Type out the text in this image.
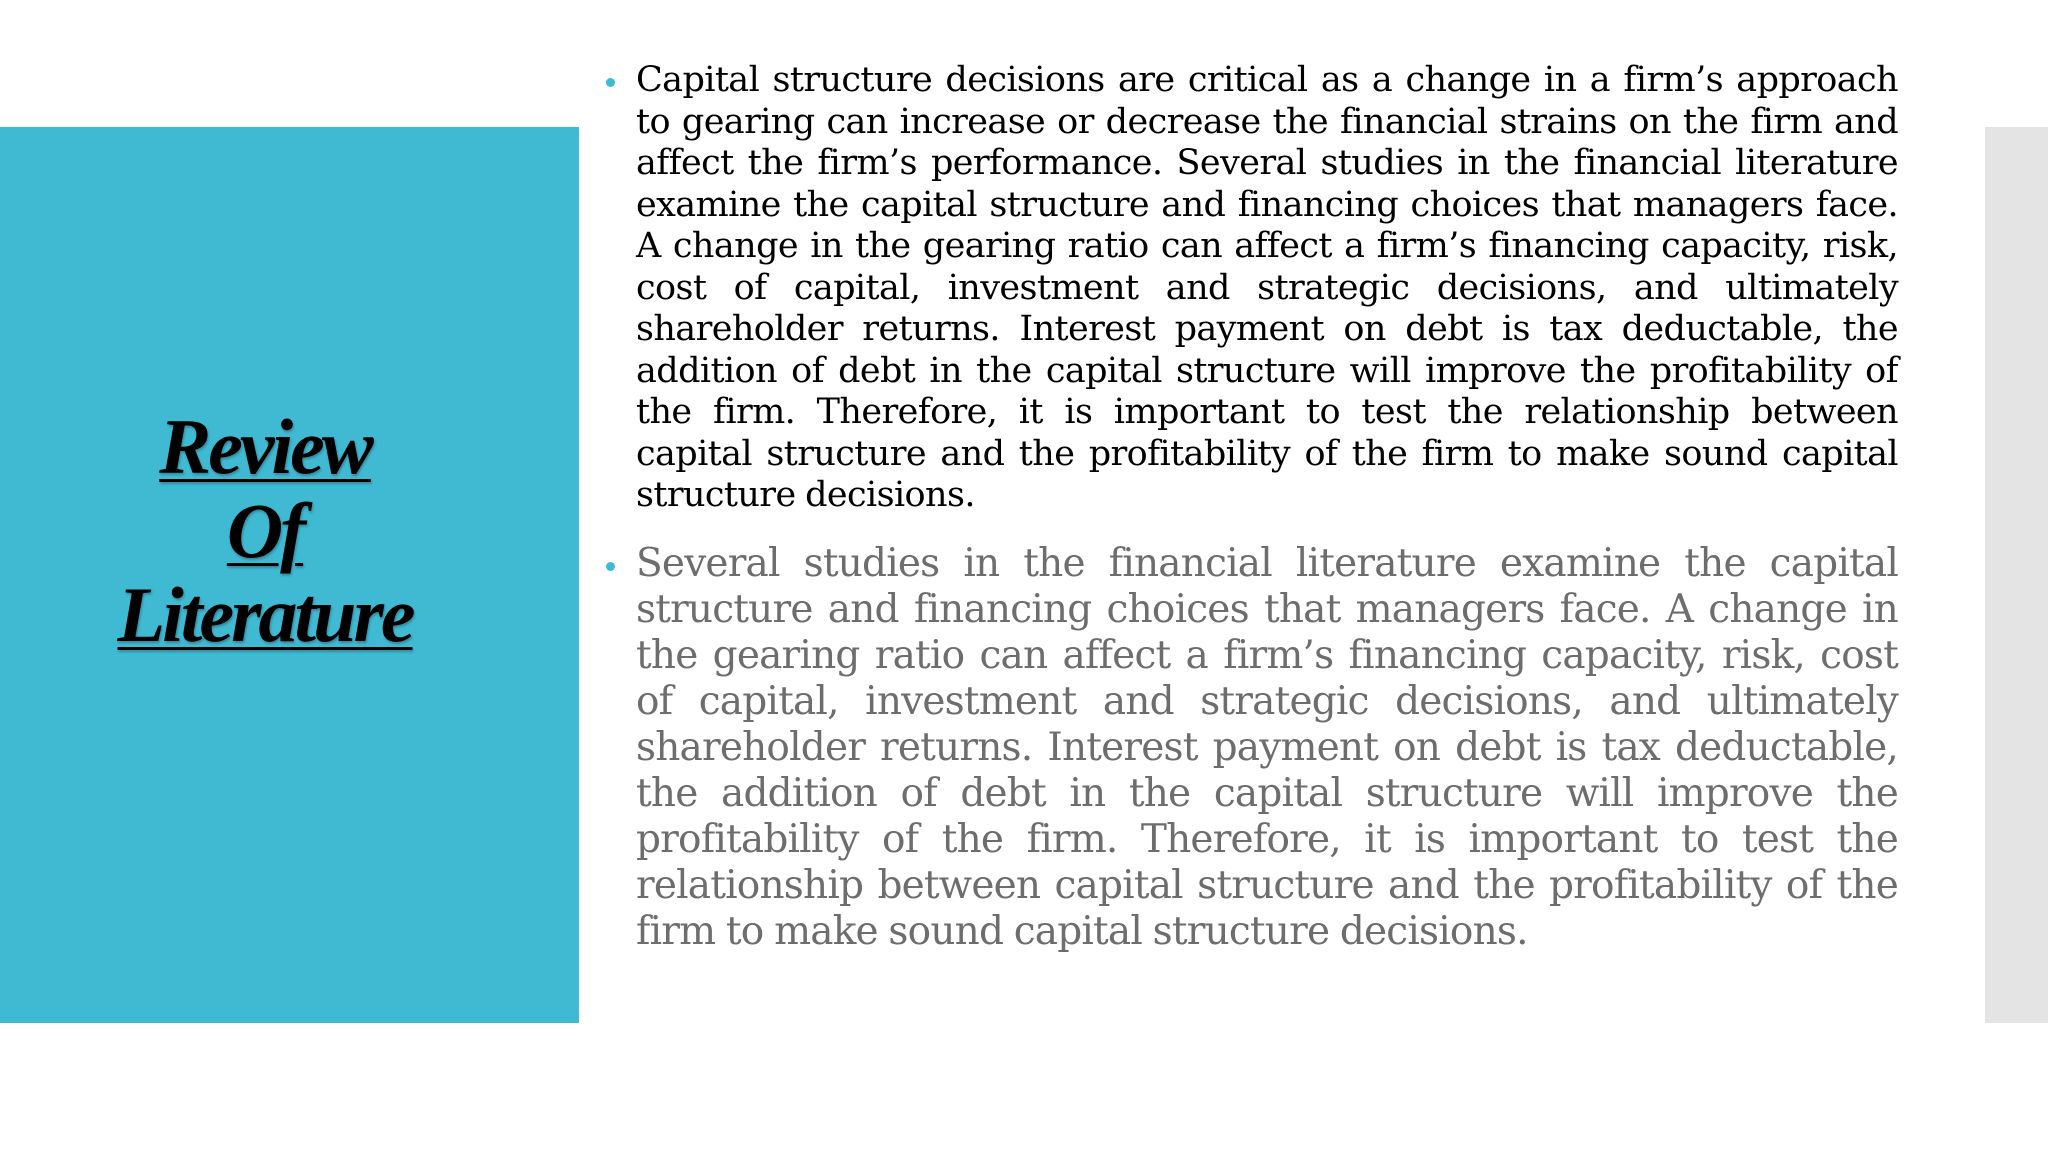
Review
Of
Literature
Capital structure decisions are critical as a change in a firm’s approach to gearing can increase or decrease the financial strains on the firm and affect the firm’s performance. Several studies in the financial literature examine the capital structure and financing choices that managers face. A change in the gearing ratio can affect a firm’s financing capacity, risk, cost of capital, investment and strategic decisions, and ultimately shareholder returns. Interest payment on debt is tax deductable, the addition of debt in the capital structure will improve the profitability of the firm. Therefore, it is important to test the relationship between capital structure and the profitability of the firm to make sound capital structure decisions.
Several studies in the financial literature examine the capital structure and financing choices that managers face. A change in the gearing ratio can affect a firm’s financing capacity, risk, cost of capital, investment and strategic decisions, and ultimately shareholder returns. Interest payment on debt is tax deductable, the addition of debt in the capital structure will improve the profitability of the firm. Therefore, it is important to test the relationship between capital structure and the profitability of the firm to make sound capital structure decisions.
